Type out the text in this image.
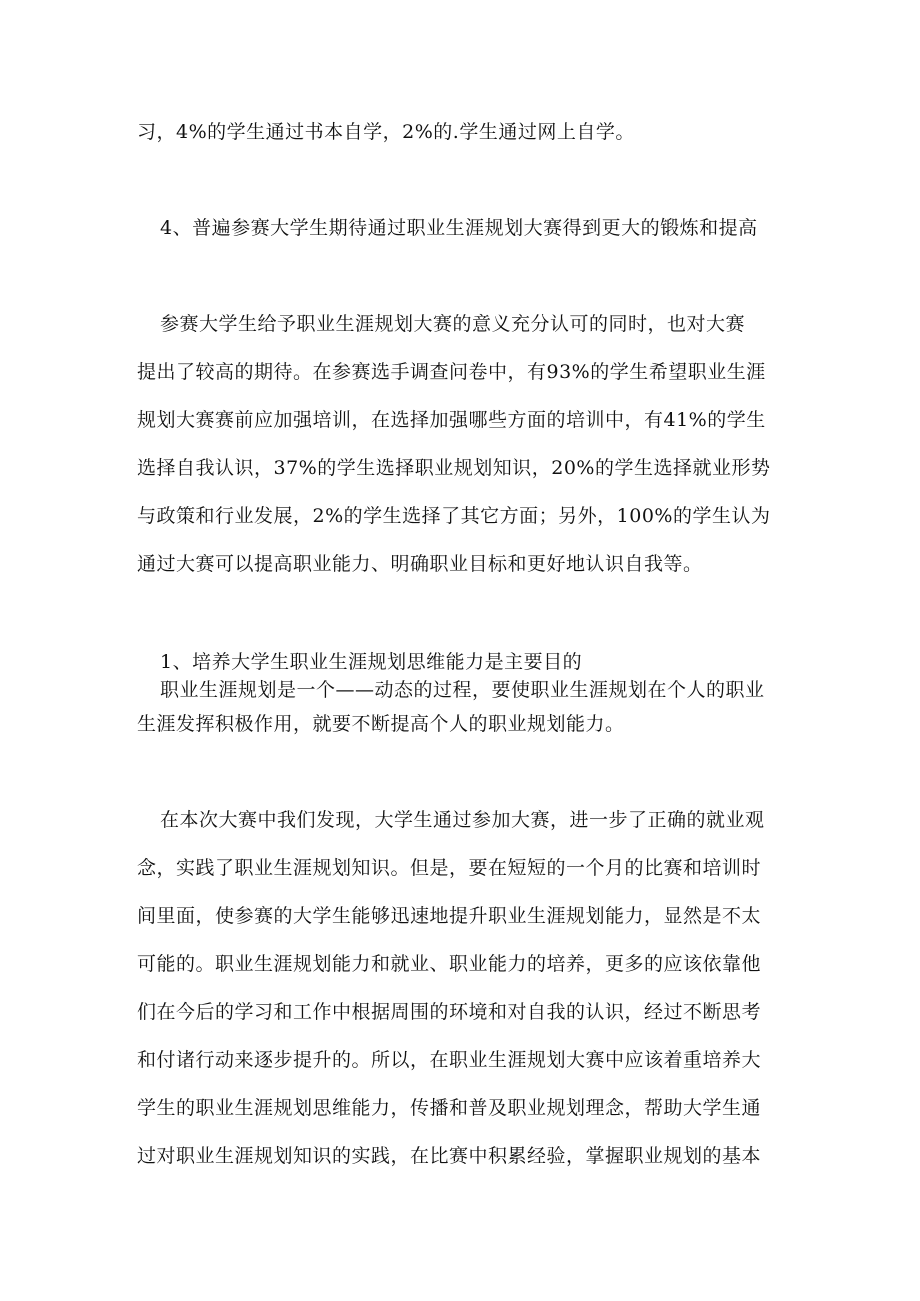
习，4%的学生通过书本自学，2%的.学生通过网上自学。
4、普遍参赛大学生期待通过职业生涯规划大赛得到更大的锻炼和提高
参赛大学生给予职业生涯规划大赛的意义充分认可的同时，也对大赛
提出了较高的期待。在参赛选手调查问卷中，有93%的学生希望职业生涯
规划大赛赛前应加强培训，在选择加强哪些方面的培训中，有41%的学生
选择自我认识，37%的学生选择职业规划知识，20%的学生选择就业形势
与政策和行业发展，2%的学生选择了其它方面；另外，100%的学生认为
通过大赛可以提高职业能力、明确职业目标和更好地认识自我等。
1、培养大学生职业生涯规划思维能力是主要目的
职业生涯规划是一个——动态的过程，要使职业生涯规划在个人的职业
生涯发挥积极作用，就要不断提高个人的职业规划能力。
在本次大赛中我们发现，大学生通过参加大赛，进一步了正确的就业观
念，实践了职业生涯规划知识。但是，要在短短的一个月的比赛和培训时
间里面，使参赛的大学生能够迅速地提升职业生涯规划能力，显然是不太
可能的。职业生涯规划能力和就业、职业能力的培养，更多的应该依靠他
们在今后的学习和工作中根据周围的环境和对自我的认识，经过不断思考
和付诸行动来逐步提升的。所以，在职业生涯规划大赛中应该着重培养大
学生的职业生涯规划思维能力，传播和普及职业规划理念，帮助大学生通
过对职业生涯规划知识的实践，在比赛中积累经验，掌握职业规划的基本
